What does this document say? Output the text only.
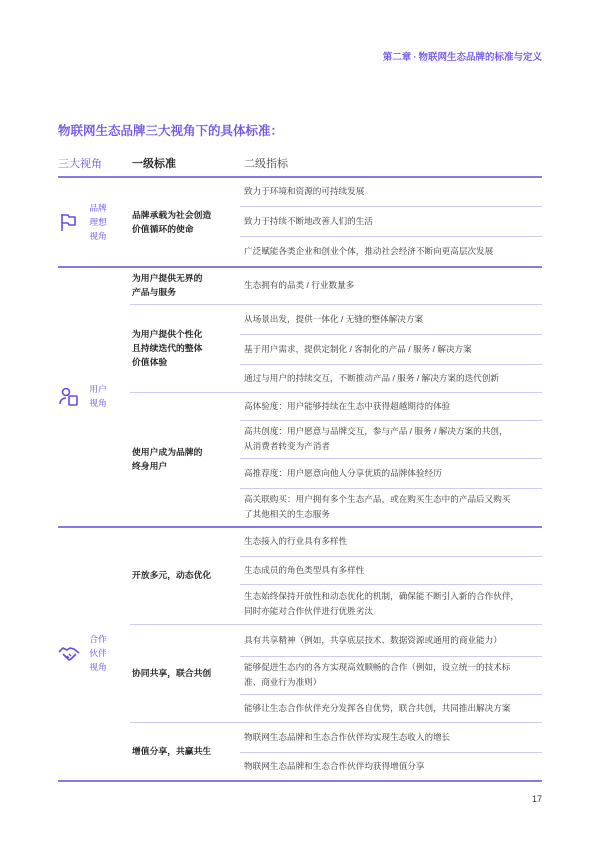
第二章 · 物联网生态品牌的标准与定义
物联网生态品牌三大视角下的具体标准：
三大视角	一级标准	二级指标
品牌
理想
视角
品牌承载为社会创造
价值循环的使命
致力于环境和资源的可持续发展
致力于持续不断地改善人们的生活
广泛赋能各类企业和创业个体，推动社会经济不断向更高层次发展
用户
视角
为用户提供无界的
产品与服务
生态拥有的品类 / 行业数量多
为用户提供个性化
且持续迭代的整体
价值体验
从场景出发，提供一体化 / 无缝的整体解决方案
基于用户需求，提供定制化 / 客制化的产品 / 服务 / 解决方案
通过与用户的持续交互，不断推动产品 / 服务 / 解决方案的迭代创新
使用户成为品牌的
终身用户
高体验度：用户能够持续在生态中获得超越期待的体验
高共创度：用户愿意与品牌交互，参与产品 / 服务 / 解决方案的共创，
从消费者转变为产消者
高推荐度：用户愿意向他人分享优质的品牌体验经历
高关联购买：用户拥有多个生态产品，或在购买生态中的产品后又购买
了其他相关的生态服务
合作
伙伴
视角
开放多元，动态优化
生态接入的行业具有多样性
生态成员的角色类型具有多样性
生态始终保持开放性和动态优化的机制，确保能不断引入新的合作伙伴，
同时亦能对合作伙伴进行优胜劣汰
协同共享，联合共创
具有共享精神（例如，共享底层技术、数据资源或通用的商业能力）
能够促进生态内的各方实现高效顺畅的合作（例如，设立统一的技术标
准、商业行为准则）
能够让生态合作伙伴充分发挥各自优势，联合共创，共同推出解决方案
增值分享，共赢共生
物联网生态品牌和生态合作伙伴均实现生态收入的增长
物联网生态品牌和生态合作伙伴均获得增值分享
17
